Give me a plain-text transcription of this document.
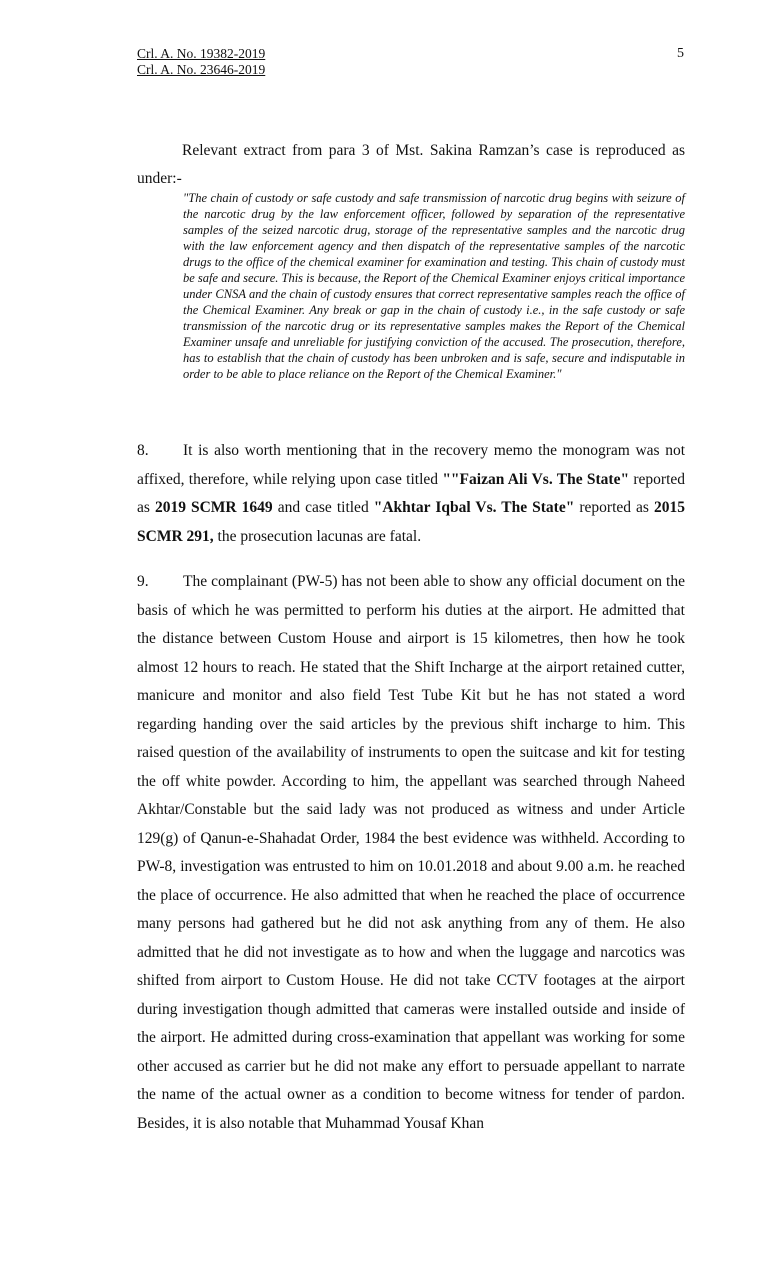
Crl. A. No. 19382-2019
Crl. A. No. 23646-2019
5
Relevant extract from para 3 of Mst. Sakina Ramzan’s case is reproduced as under:-
"The chain of custody or safe custody and safe transmission of narcotic drug begins with seizure of the narcotic drug by the law enforcement officer, followed by separation of the representative samples of the seized narcotic drug, storage of the representative samples and the narcotic drug with the law enforcement agency and then dispatch of the representative samples of the narcotic drugs to the office of the chemical examiner for examination and testing. This chain of custody must be safe and secure. This is because, the Report of the Chemical Examiner enjoys critical importance under CNSA and the chain of custody ensures that correct representative samples reach the office of the Chemical Examiner. Any break or gap in the chain of custody i.e., in the safe custody or safe transmission of the narcotic drug or its representative samples makes the Report of the Chemical Examiner unsafe and unreliable for justifying conviction of the accused. The prosecution, therefore, has to establish that the chain of custody has been unbroken and is safe, secure and indisputable in order to be able to place reliance on the Report of the Chemical Examiner."
8. It is also worth mentioning that in the recovery memo the monogram was not affixed, therefore, while relying upon case titled ""Faizan Ali Vs. The State" reported as 2019 SCMR 1649 and case titled "Akhtar Iqbal Vs. The State" reported as 2015 SCMR 291, the prosecution lacunas are fatal.
9. The complainant (PW-5) has not been able to show any official document on the basis of which he was permitted to perform his duties at the airport. He admitted that the distance between Custom House and airport is 15 kilometres, then how he took almost 12 hours to reach. He stated that the Shift Incharge at the airport retained cutter, manicure and monitor and also field Test Tube Kit but he has not stated a word regarding handing over the said articles by the previous shift incharge to him. This raised question of the availability of instruments to open the suitcase and kit for testing the off white powder. According to him, the appellant was searched through Naheed Akhtar/Constable but the said lady was not produced as witness and under Article 129(g) of Qanun-e-Shahadat Order, 1984 the best evidence was withheld. According to PW-8, investigation was entrusted to him on 10.01.2018 and about 9.00 a.m. he reached the place of occurrence. He also admitted that when he reached the place of occurrence many persons had gathered but he did not ask anything from any of them. He also admitted that he did not investigate as to how and when the luggage and narcotics was shifted from airport to Custom House. He did not take CCTV footages at the airport during investigation though admitted that cameras were installed outside and inside of the airport. He admitted during cross-examination that appellant was working for some other accused as carrier but he did not make any effort to persuade appellant to narrate the name of the actual owner as a condition to become witness for tender of pardon. Besides, it is also notable that Muhammad Yousaf Khan
